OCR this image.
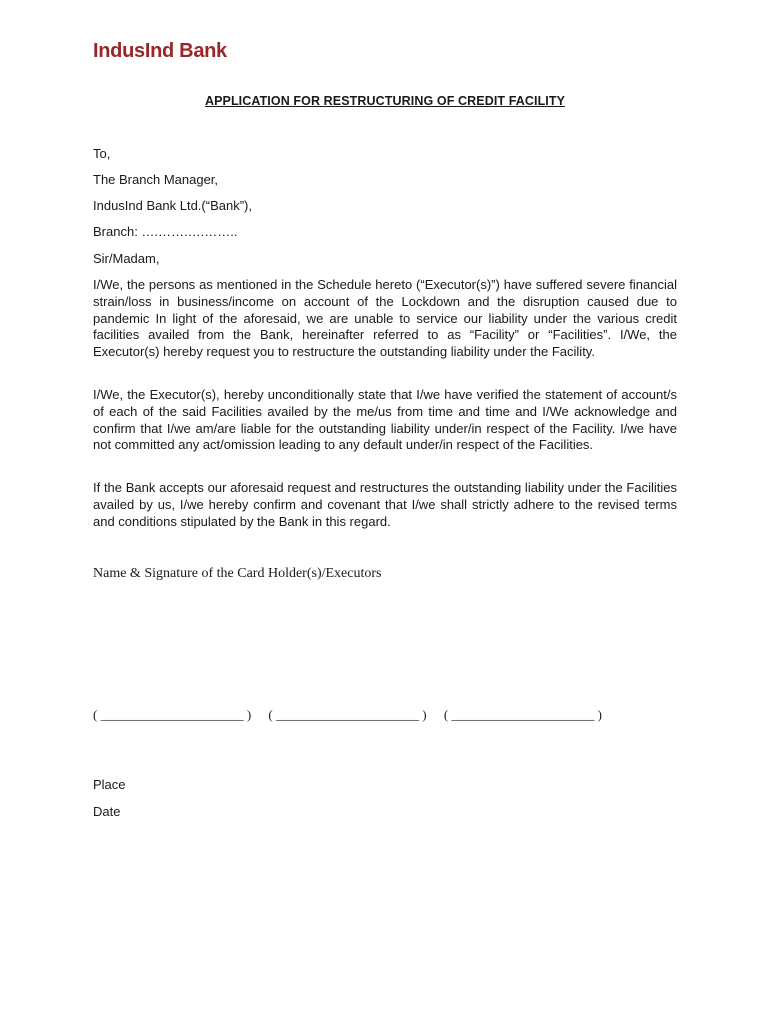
IndusInd Bank
APPLICATION FOR RESTRUCTURING OF CREDIT FACILITY
To,
The Branch Manager,
IndusInd Bank Ltd.(“Bank”),
Branch: ….…….….……..
Sir/Madam,

I/We, the persons as mentioned in the Schedule hereto (“Executor(s)”) have suffered severe financial strain/loss in business/income on account of the Lockdown and the disruption caused due to pandemic In light of the aforesaid, we are unable to service our liability under the various credit facilities availed from the Bank, hereinafter referred to as “Facility” or “Facilities”. I/We, the Executor(s) hereby request you to restructure the outstanding liability under the Facility.

I/We, the Executor(s), hereby unconditionally state that I/we have verified the statement of account/s of each of the said Facilities availed by the me/us from time and time and I/We acknowledge and confirm that I/we am/are liable for the outstanding liability under/in respect of the Facility. I/we have not committed any act/omission leading to any default under/in respect of the Facilities.

If the Bank accepts our aforesaid request and restructures the outstanding liability under the Facilities availed by us, I/we hereby confirm and covenant that I/we shall strictly adhere to the revised terms and conditions stipulated by the Bank in this regard.

Name & Signature of the Card Holder(s)/Executors
( ______________________ ) ( ______________________ ) ( ______________________ )
Place
Date
